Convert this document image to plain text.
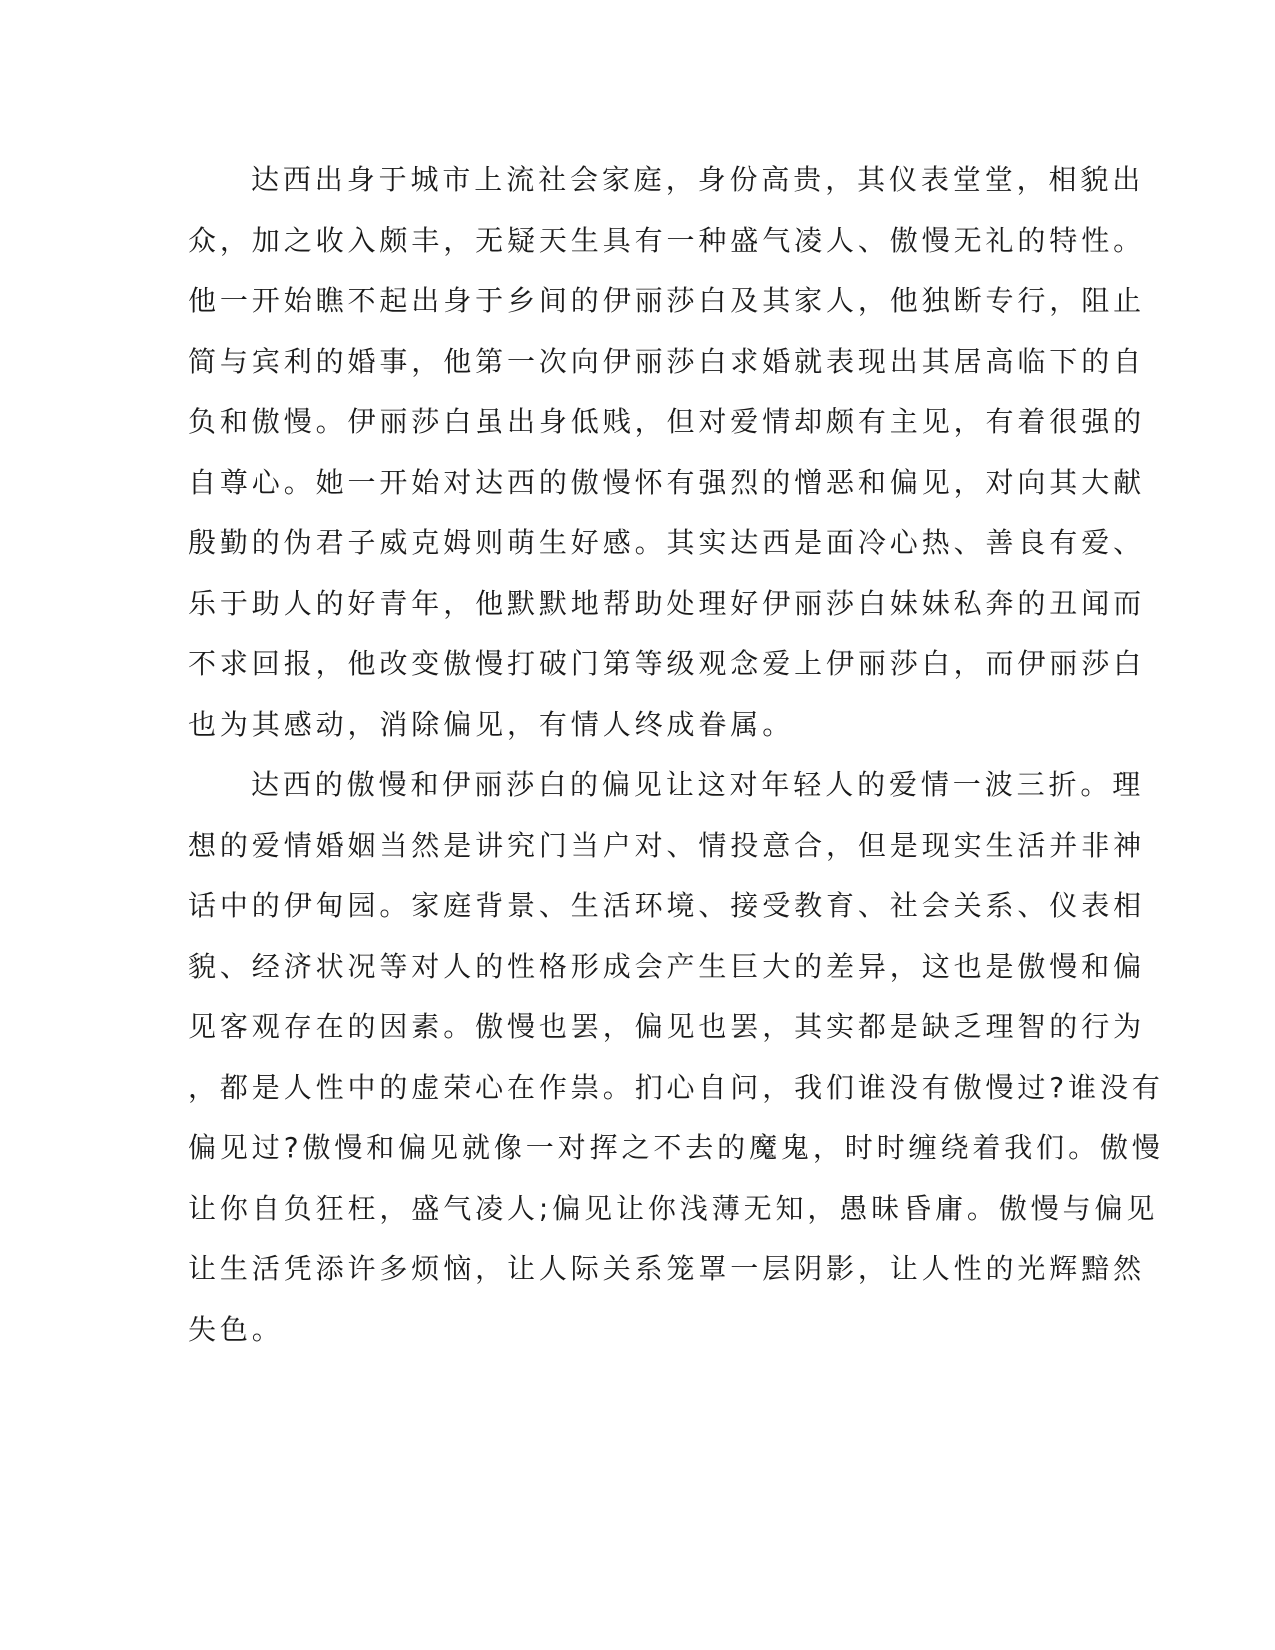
达西出身于城市上流社会家庭，身份高贵，其仪表堂堂，相貌出
众，加之收入颇丰，无疑天生具有一种盛气凌人、傲慢无礼的特性。
他一开始瞧不起出身于乡间的伊丽莎白及其家人，他独断专行，阻止
简与宾利的婚事，他第一次向伊丽莎白求婚就表现出其居高临下的自
负和傲慢。伊丽莎白虽出身低贱，但对爱情却颇有主见，有着很强的
自尊心。她一开始对达西的傲慢怀有强烈的憎恶和偏见，对向其大献
殷勤的伪君子威克姆则萌生好感。其实达西是面冷心热、善良有爱、
乐于助人的好青年，他默默地帮助处理好伊丽莎白妹妹私奔的丑闻而
不求回报，他改变傲慢打破门第等级观念爱上伊丽莎白，而伊丽莎白
也为其感动，消除偏见，有情人终成眷属。
达西的傲慢和伊丽莎白的偏见让这对年轻人的爱情一波三折。理
想的爱情婚姻当然是讲究门当户对、情投意合，但是现实生活并非神
话中的伊甸园。家庭背景、生活环境、接受教育、社会关系、仪表相
貌、经济状况等对人的性格形成会产生巨大的差异，这也是傲慢和偏
见客观存在的因素。傲慢也罢，偏见也罢，其实都是缺乏理智的行为
，都是人性中的虚荣心在作祟。扪心自问，我们谁没有傲慢过?谁没有
偏见过?傲慢和偏见就像一对挥之不去的魔鬼，时时缠绕着我们。傲慢
让你自负狂枉，盛气凌人;偏见让你浅薄无知，愚昧昏庸。傲慢与偏见
让生活凭添许多烦恼，让人际关系笼罩一层阴影，让人性的光辉黯然
失色。
